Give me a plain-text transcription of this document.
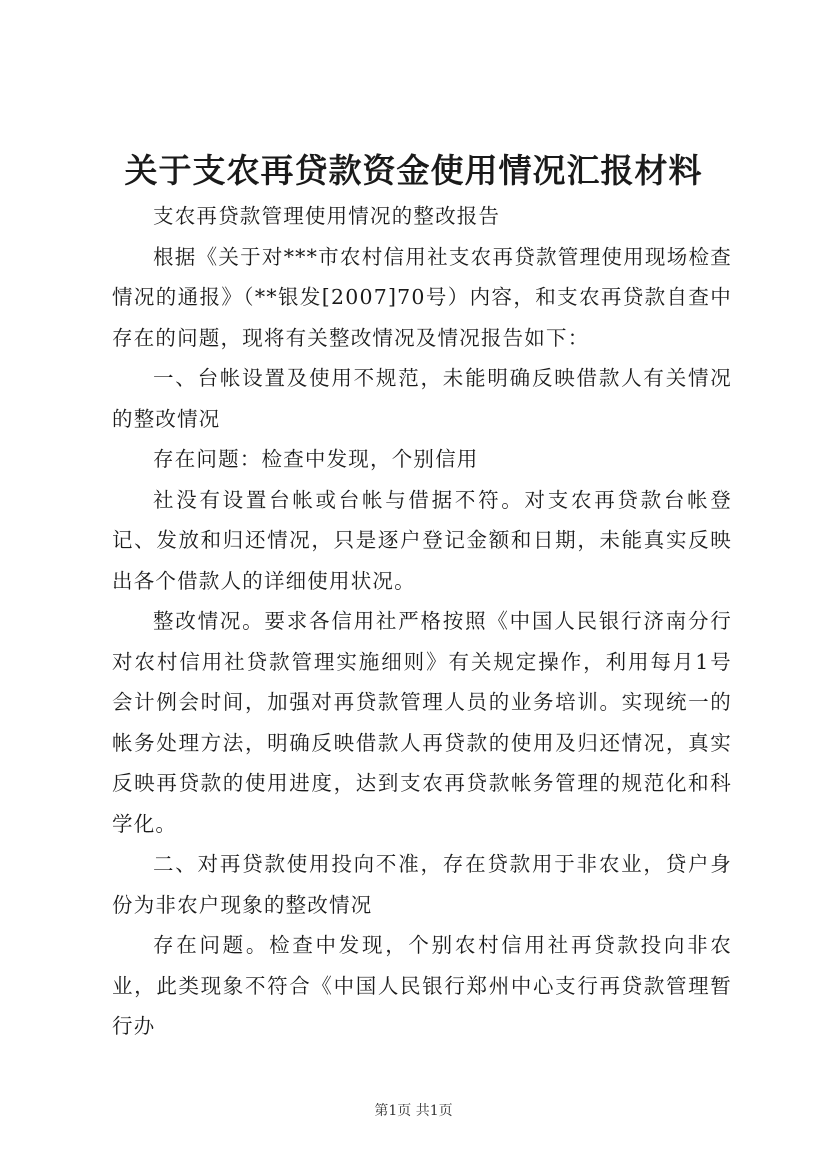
关于支农再贷款资金使用情况汇报材料

支农再贷款管理使用情况的整改报告

根据《关于对***市农村信用社支农再贷款管理使用现场检查情况的通报》（**银发[2007]70号）内容，和支农再贷款自查中存在的问题，现将有关整改情况及情况报告如下：

一、台帐设置及使用不规范，未能明确反映借款人有关情况的整改情况

存在问题：检查中发现，个别信用

社没有设置台帐或台帐与借据不符。对支农再贷款台帐登记、发放和归还情况，只是逐户登记金额和日期，未能真实反映出各个借款人的详细使用状况。

整改情况。要求各信用社严格按照《中国人民银行济南分行对农村信用社贷款管理实施细则》有关规定操作，利用每月1号会计例会时间，加强对再贷款管理人员的业务培训。实现统一的帐务处理方法，明确反映借款人再贷款的使用及归还情况，真实反映再贷款的使用进度，达到支农再贷款帐务管理的规范化和科学化。

二、对再贷款使用投向不准，存在贷款用于非农业，贷户身份为非农户现象的整改情况

存在问题。检查中发现，个别农村信用社再贷款投向非农业，此类现象不符合《中国人民银行郑州中心支行再贷款管理暂行办

第1页 共1页
